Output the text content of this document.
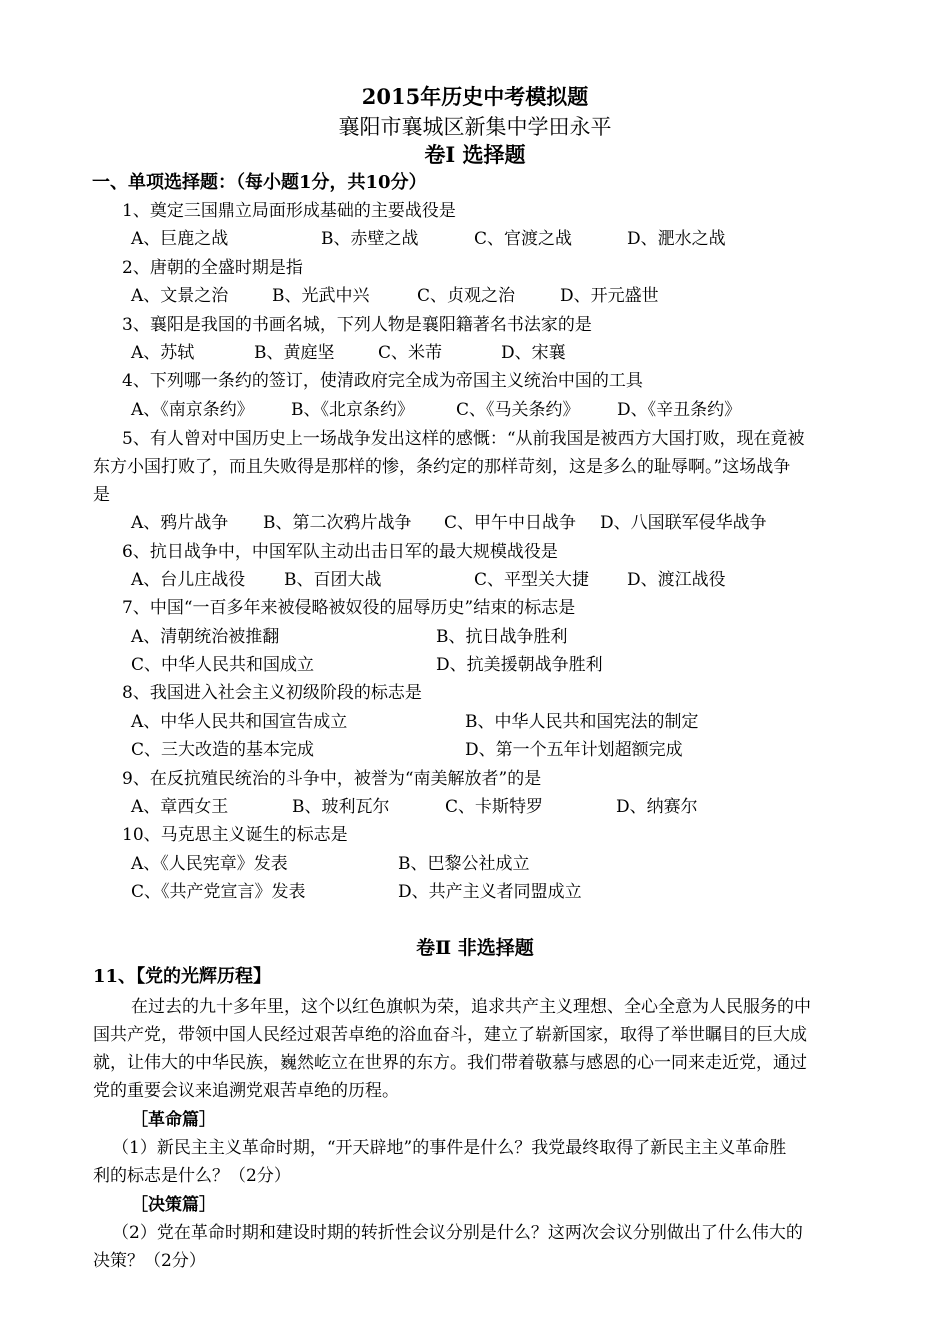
2015年历史中考模拟题
襄阳市襄城区新集中学田永平
卷Ⅰ 选择题
一、单项选择题：（每小题1分，共10分）
1、奠定三国鼎立局面形成基础的主要战役是
A、巨鹿之战	B、赤壁之战	C、官渡之战	D、淝水之战
2、唐朝的全盛时期是指
A、文景之治	B、光武中兴	C、贞观之治	D、开元盛世
3、襄阳是我国的书画名城，下列人物是襄阳籍著名书法家的是
A、苏轼	B、黄庭坚	C、米芾	D、宋襄
4、下列哪一条约的签订，使清政府完全成为帝国主义统治中国的工具
A、《南京条约》 B、《北京条约》 C、《马关条约》 D、《辛丑条约》
5、有人曾对中国历史上一场战争发出这样的感慨：“从前我国是被西方大国打败，现在竟被
东方小国打败了，而且失败得是那样的惨，条约定的那样苛刻，这是多么的耻辱啊。”这场战争
是
A、鸦片战争 B、第二次鸦片战争 C、甲午中日战争 D、八国联军侵华战争
6、抗日战争中，中国军队主动出击日军的最大规模战役是
A、台儿庄战役 B、百团大战	C、平型关大捷 D、渡江战役
7、中国“一百多年来被侵略被奴役的屈辱历史”结束的标志是
A、清朝统治被推翻	B、抗日战争胜利
C、中华人民共和国成立	D、抗美援朝战争胜利
8、我国进入社会主义初级阶段的标志是
A、中华人民共和国宣告成立	B、中华人民共和国宪法的制定
C、三大改造的基本完成	D、第一个五年计划超额完成
9、在反抗殖民统治的斗争中，被誉为“南美解放者”的是
A、章西女王	B、玻利瓦尔	C、卡斯特罗	D、纳赛尔
10、马克思主义诞生的标志是
A、《人民宪章》发表	B、巴黎公社成立
C、《共产党宣言》发表	D、共产主义者同盟成立
卷Ⅱ 非选择题
11、【党的光辉历程】
在过去的九十多年里，这个以红色旗帜为荣，追求共产主义理想、全心全意为人民服务的中
国共产党，带领中国人民经过艰苦卓绝的浴血奋斗，建立了崭新国家，取得了举世瞩目的巨大成
就，让伟大的中华民族，巍然屹立在世界的东方。我们带着敬慕与感恩的心一同来走近党，通过
党的重要会议来追溯党艰苦卓绝的历程。
［革命篇］
（1）新民主主义革命时期，“开天辟地”的事件是什么？我党最终取得了新民主主义革命胜
利的标志是什么？（2分）
［决策篇］
（2）党在革命时期和建设时期的转折性会议分别是什么？这两次会议分别做出了什么伟大的
决策？（2分）
